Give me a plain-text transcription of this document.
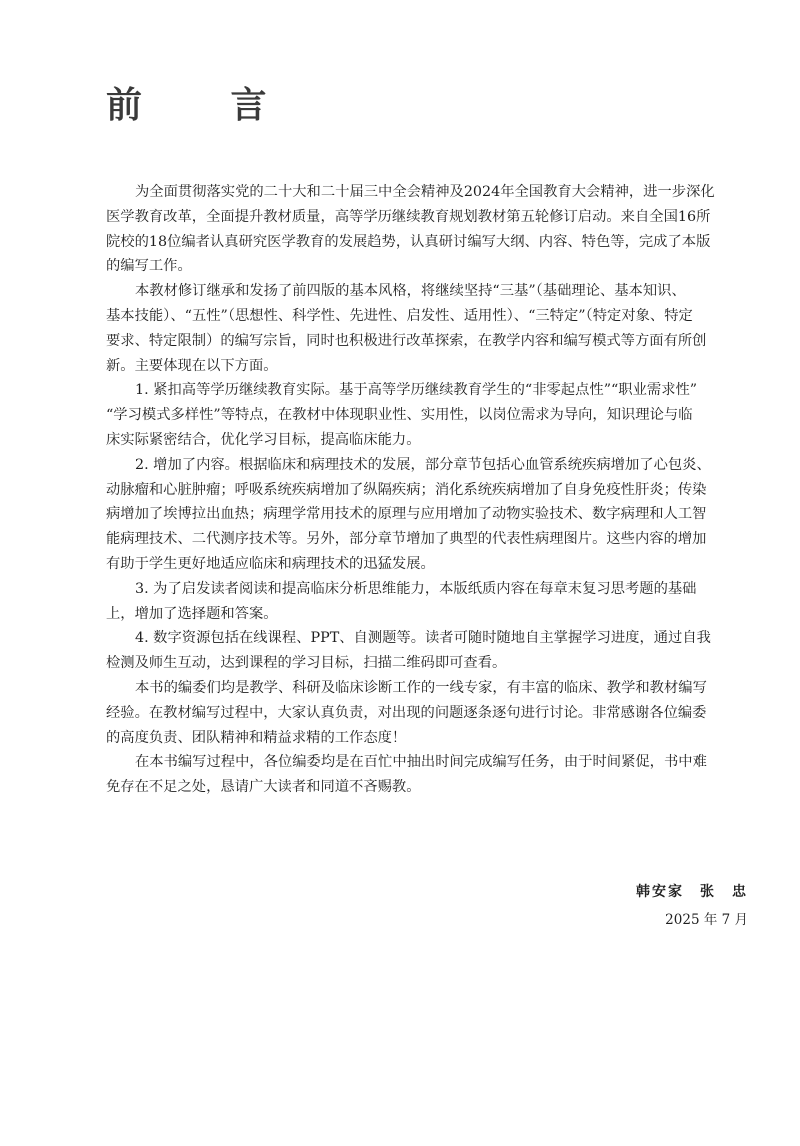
前 言

为全面贯彻落实党的二十大和二十届三中全会精神及2024年全国教育大会精神，进一步深化
医学教育改革，全面提升教材质量，高等学历继续教育规划教材第五轮修订启动。来自全国16所
院校的18位编者认真研究医学教育的发展趋势，认真研讨编写大纲、内容、特色等，完成了本版
的编写工作。

本教材修订继承和发扬了前四版的基本风格，将继续坚持“三基”（基础理论、基本知识、
基本技能）、“五性”（思想性、科学性、先进性、启发性、适用性）、“三特定”（特定对象、特定
要求、特定限制）的编写宗旨，同时也积极进行改革探索，在教学内容和编写模式等方面有所创
新。主要体现在以下方面。

1. 紧扣高等学历继续教育实际。基于高等学历继续教育学生的“非零起点性”“职业需求性”
“学习模式多样性”等特点，在教材中体现职业性、实用性，以岗位需求为导向，知识理论与临
床实际紧密结合，优化学习目标，提高临床能力。

2. 增加了内容。根据临床和病理技术的发展，部分章节包括心血管系统疾病增加了心包炎、
动脉瘤和心脏肿瘤；呼吸系统疾病增加了纵隔疾病；消化系统疾病增加了自身免疫性肝炎；传染
病增加了埃博拉出血热；病理学常用技术的原理与应用增加了动物实验技术、数字病理和人工智
能病理技术、二代测序技术等。另外，部分章节增加了典型的代表性病理图片。这些内容的增加
有助于学生更好地适应临床和病理技术的迅猛发展。

3. 为了启发读者阅读和提高临床分析思维能力，本版纸质内容在每章末复习思考题的基础
上，增加了选择题和答案。

4. 数字资源包括在线课程、PPT、自测题等。读者可随时随地自主掌握学习进度，通过自我
检测及师生互动，达到课程的学习目标，扫描二维码即可查看。

本书的编委们均是教学、科研及临床诊断工作的一线专家，有丰富的临床、教学和教材编写
经验。在教材编写过程中，大家认真负责，对出现的问题逐条逐句进行讨论。非常感谢各位编委
的高度负责、团队精神和精益求精的工作态度！

在本书编写过程中，各位编委均是在百忙中抽出时间完成编写任务，由于时间紧促，书中难
免存在不足之处，恳请广大读者和同道不吝赐教。

韩安家　张　忠
2025 年 7 月
